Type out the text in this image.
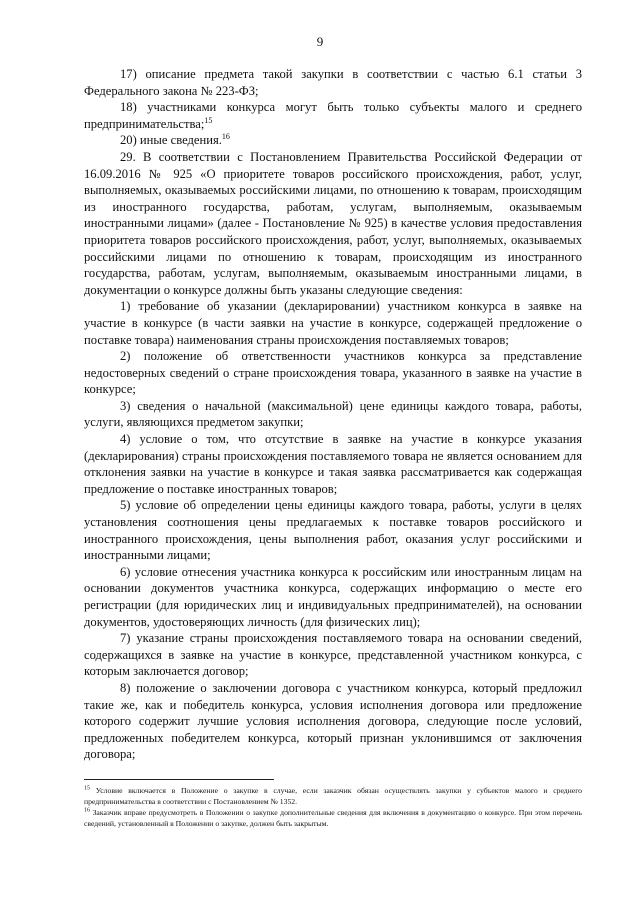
9

17) описание предмета такой закупки в соответствии с частью 6.1 статьи 3 Федерального закона № 223-ФЗ;

18) участниками конкурса могут быть только субъекты малого и среднего предпринимательства;$^{15}$

20) иные сведения.$^{16}$

29. В соответствии с Постановлением Правительства Российской Федерации от 16.09.2016 № 925 «О приоритете товаров российского происхождения, работ, услуг, выполняемых, оказываемых российскими лицами, по отношению к товарам, происходящим из иностранного государства, работам, услугам, выполняемым, оказываемым иностранными лицами» (далее - Постановление № 925) в качестве условия предоставления приоритета товаров российского происхождения, работ, услуг, выполняемых, оказываемых российскими лицами по отношению к товарам, происходящим из иностранного государства, работам, услугам, выполняемым, оказываемым иностранными лицами, в документации о конкурсе должны быть указаны следующие сведения:

1) требование об указании (декларировании) участником конкурса в заявке на участие в конкурсе (в части заявки на участие в конкурсе, содержащей предложение о поставке товара) наименования страны происхождения поставляемых товаров;

2) положение об ответственности участников конкурса за представление недостоверных сведений о стране происхождения товара, указанного в заявке на участие в конкурсе;

3) сведения о начальной (максимальной) цене единицы каждого товара, работы, услуги, являющихся предметом закупки;

4) условие о том, что отсутствие в заявке на участие в конкурсе указания (декларирования) страны происхождения поставляемого товара не является основанием для отклонения заявки на участие в конкурсе и такая заявка рассматривается как содержащая предложение о поставке иностранных товаров;

5) условие об определении цены единицы каждого товара, работы, услуги в целях установления соотношения цены предлагаемых к поставке товаров российского и иностранного происхождения, цены выполнения работ, оказания услуг российскими и иностранными лицами;

6) условие отнесения участника конкурса к российским или иностранным лицам на основании документов участника конкурса, содержащих информацию о месте его регистрации (для юридических лиц и индивидуальных предпринимателей), на основании документов, удостоверяющих личность (для физических лиц);

7) указание страны происхождения поставляемого товара на основании сведений, содержащихся в заявке на участие в конкурсе, представленной участником конкурса, с которым заключается договор;

8) положение о заключении договора с участником конкурса, который предложил такие же, как и победитель конкурса, условия исполнения договора или предложение которого содержит лучшие условия исполнения договора, следующие после условий, предложенных победителем конкурса, который признан уклонившимся от заключения договора;

$^{15}$ Условие включается в Положение о закупке в случае, если заказчик обязан осуществлять закупки у субъектов малого и среднего предпринимательства в соответствии с Постановлением № 1352.

$^{16}$ Заказчик вправе предусмотреть в Положении о закупке дополнительные сведения для включения в документацию о конкурсе. При этом перечень сведений, установленный в Положении о закупке, должен быть закрытым.
